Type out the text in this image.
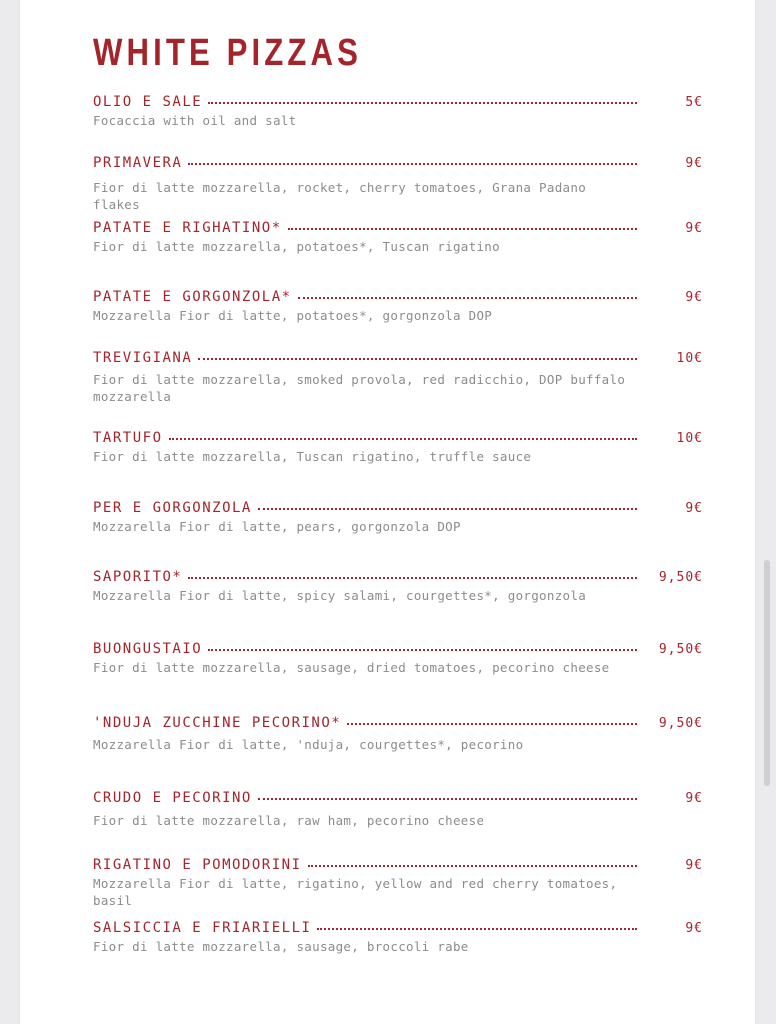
WHITE PIZZAS
OLIO E SALE	5€
Focaccia with oil and salt
PRIMAVERA	9€
Fior di latte mozzarella, rocket, cherry tomatoes, Grana Padano flakes
PATATE E RIGHATINO*	9€
Fior di latte mozzarella, potatoes*, Tuscan rigatino
PATATE E GORGONZOLA*	9€
Mozzarella Fior di latte, potatoes*, gorgonzola DOP
TREVIGIANA	10€
Fior di latte mozzarella, smoked provola, red radicchio, DOP buffalo mozzarella
TARTUFO	10€
Fior di latte mozzarella, Tuscan rigatino, truffle sauce
PER E GORGONZOLA	9€
Mozzarella Fior di latte, pears, gorgonzola DOP
SAPORITO*	9,50€
Mozzarella Fior di latte, spicy salami, courgettes*, gorgonzola
BUONGUSTAIO	9,50€
Fior di latte mozzarella, sausage, dried tomatoes, pecorino cheese
'NDUJA ZUCCHINE PECORINO*	9,50€
Mozzarella Fior di latte, 'nduja, courgettes*, pecorino
CRUDO E PECORINO	9€
Fior di latte mozzarella, raw ham, pecorino cheese
RIGATINO E POMODORINI	9€
Mozzarella Fior di latte, rigatino, yellow and red cherry tomatoes, basil
SALSICCIA E FRIARIELLI	9€
Fior di latte mozzarella, sausage, broccoli rabe
